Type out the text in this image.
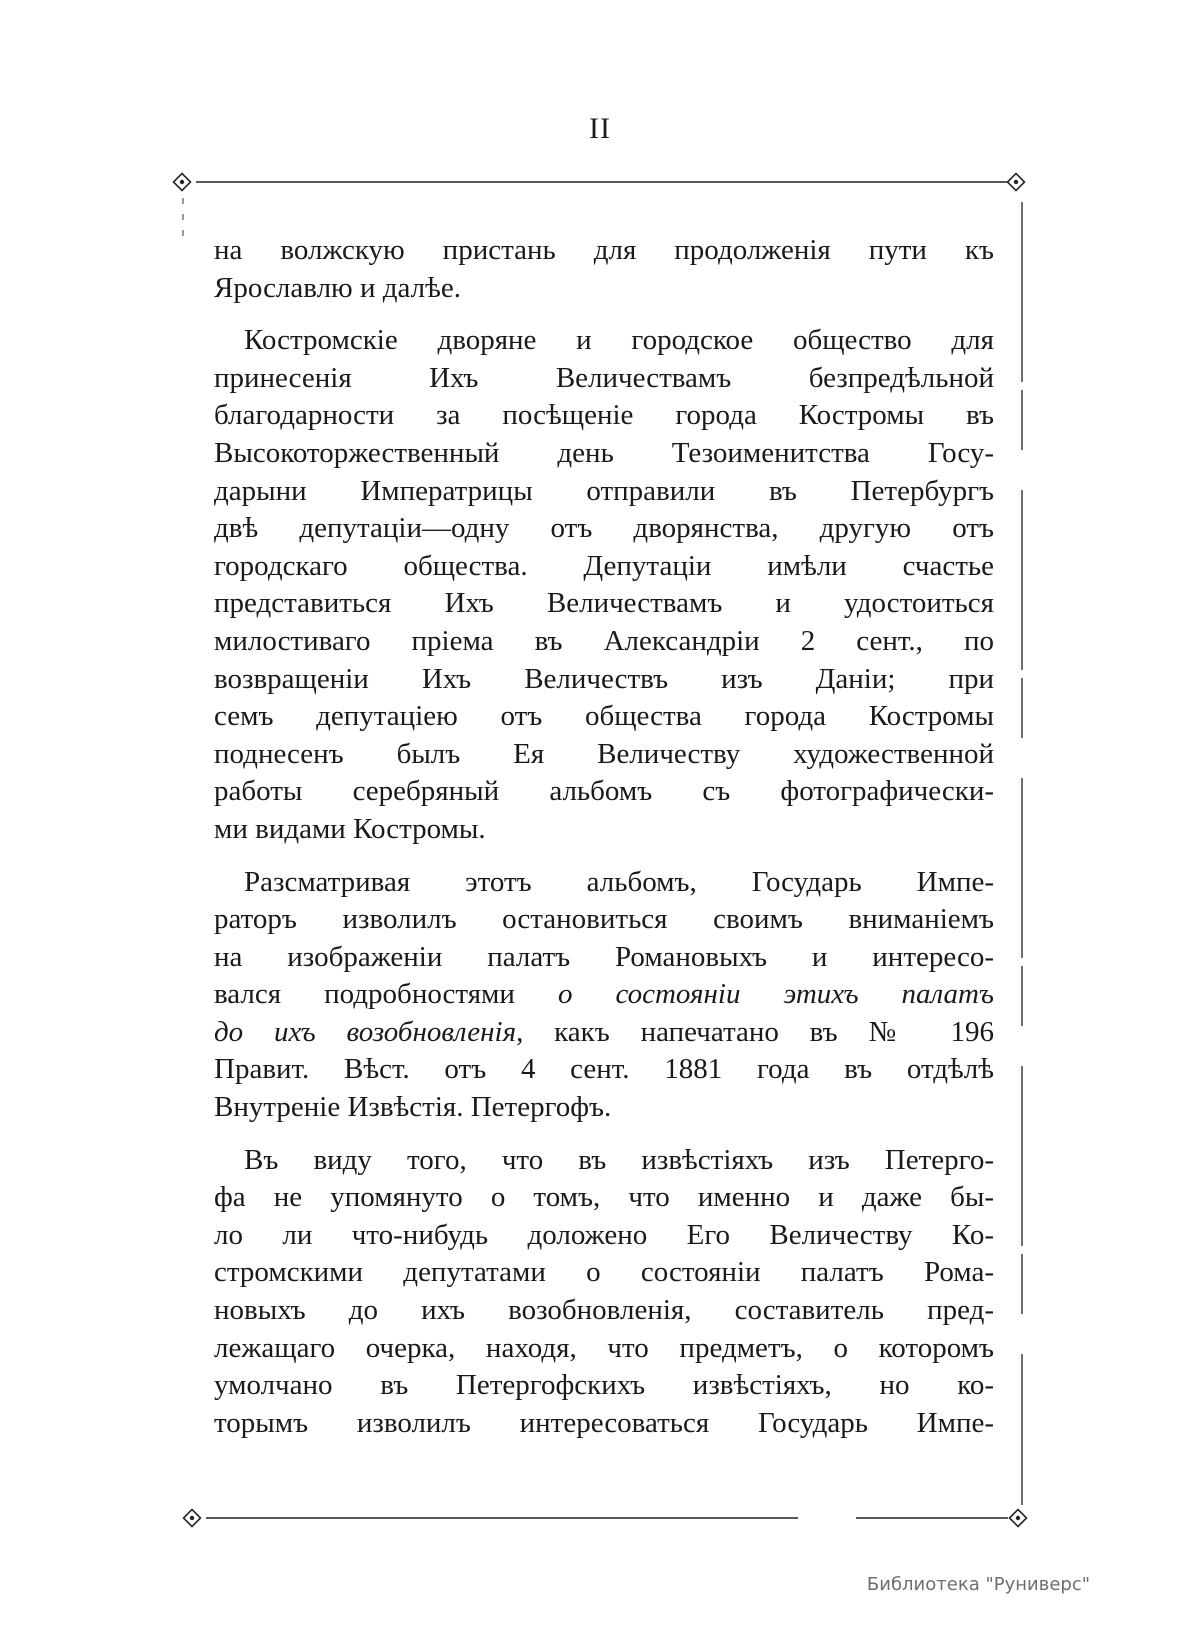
II
на волжскую пристань для продолженія пути къ
Ярославлю и далѣе.
Костромскіе дворяне и городское общество для
принесенія Ихъ Величествамъ безпредѣльной
благодарности за посѣщеніе города Костромы въ
Высокоторжественный день Тезоименитства Госу-
дарыни Императрицы отправили въ Петербургъ
двѣ депутаціи—одну отъ дворянства, другую отъ
городскаго общества. Депутаціи имѣли счастье
представиться Ихъ Величествамъ и удостоиться
милостиваго пріема въ Александріи 2 сент., по
возвращеніи Ихъ Величествъ изъ Даніи; при
семъ депутаціею отъ общества города Костромы
поднесенъ былъ Ея Величеству художественной
работы серебряный альбомъ съ фотографически-
ми видами Костромы.
Разсматривая этотъ альбомъ, Государь Импе-
раторъ изволилъ остановиться своимъ вниманіемъ
на изображеніи палатъ Романовыхъ и интересо-
вался подробностями о состояніи этихъ палатъ
до ихъ возобновленія, какъ напечатано въ № 196
Правит. Вѣст. отъ 4 сент. 1881 года въ отдѣлѣ
Внутреніе Извѣстія. Петергофъ.
Въ виду того, что въ извѣстіяхъ изъ Петерго-
фа не упомянуто о томъ, что именно и даже бы-
ло ли что-нибудь доложено Его Величеству Ко-
стромскими депутатами о состояніи палатъ Рома-
новыхъ до ихъ возобновленія, составитель пред-
лежащаго очерка, находя, что предметъ, о которомъ
умолчано въ Петергофскихъ извѣстіяхъ, но ко-
торымъ изволилъ интересоваться Государь Импе-
Библиотека "Руниверс"
